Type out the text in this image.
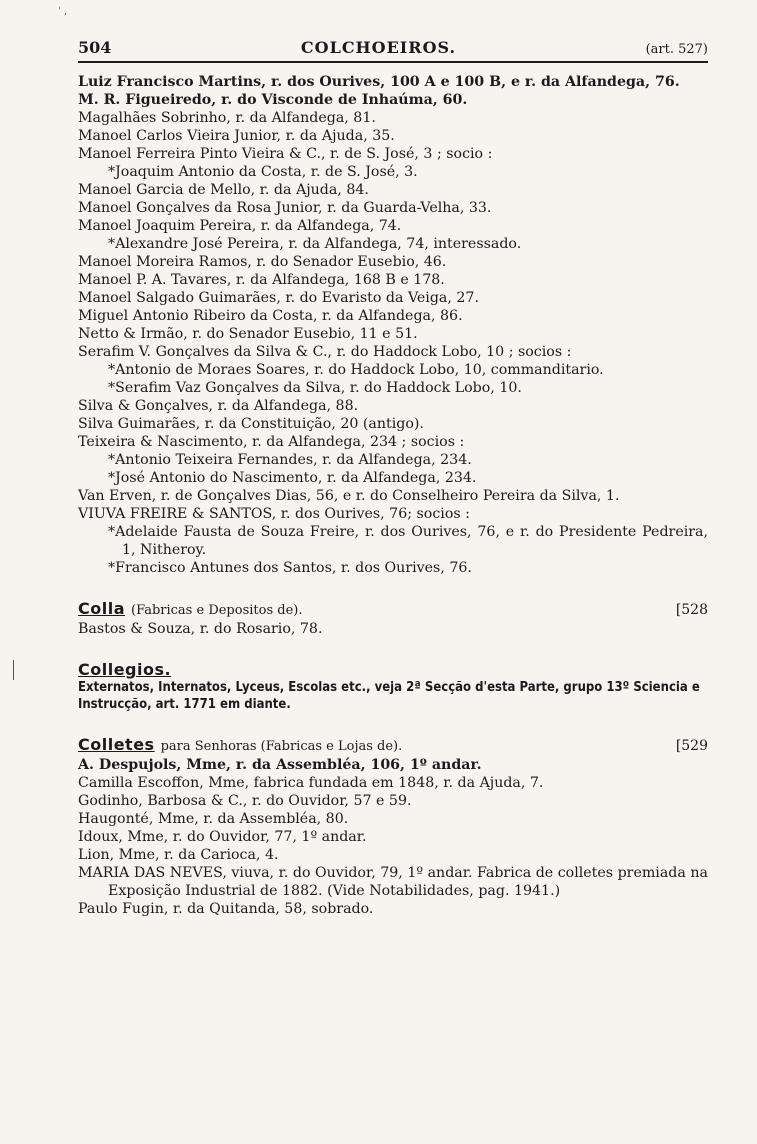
' ,
504	COLCHOEIROS.	(art. 527)
Luiz Francisco Martins, r. dos Ourives, 100 A e 100 B, e r. da Alfandega, 76.
M. R. Figueiredo, r. do Visconde de Inhaúma, 60.
Magalhães Sobrinho, r. da Alfandega, 81.
Manoel Carlos Vieira Junior, r. da Ajuda, 35.
Manoel Ferreira Pinto Vieira & C., r. de S. José, 3 ; socio :
*Joaquim Antonio da Costa, r. de S. José, 3.
Manoel Garcia de Mello, r. da Ajuda, 84.
Manoel Gonçalves da Rosa Junior, r. da Guarda-Velha, 33.
Manoel Joaquim Pereira, r. da Alfandega, 74.
*Alexandre José Pereira, r. da Alfandega, 74, interessado.
Manoel Moreira Ramos, r. do Senador Eusebio, 46.
Manoel P. A. Tavares, r. da Alfandega, 168 B e 178.
Manoel Salgado Guimarães, r. do Evaristo da Veiga, 27.
Miguel Antonio Ribeiro da Costa, r. da Alfandega, 86.
Netto & Irmão, r. do Senador Eusebio, 11 e 51.
Serafim V. Gonçalves da Silva & C., r. do Haddock Lobo, 10 ; socios :
*Antonio de Moraes Soares, r. do Haddock Lobo, 10, commanditario.
*Serafim Vaz Gonçalves da Silva, r. do Haddock Lobo, 10.
Silva & Gonçalves, r. da Alfandega, 88.
Silva Guimarães, r. da Constituição, 20 (antigo).
Teixeira & Nascimento, r. da Alfandega, 234 ; socios :
*Antonio Teixeira Fernandes, r. da Alfandega, 234.
*José Antonio do Nascimento, r. da Alfandega, 234.
Van Erven, r. de Gonçalves Dias, 56, e r. do Conselheiro Pereira da Silva, 1.
VIUVA FREIRE & SANTOS, r. dos Ourives, 76; socios :
*Adelaide Fausta de Souza Freire, r. dos Ourives, 76, e r. do Presidente Pedreira, 1, Nitheroy.
*Francisco Antunes dos Santos, r. dos Ourives, 76.
Colla (Fabricas e Depositos de).	[528
Bastos & Souza, r. do Rosario, 78.
Collegios.
Externatos, Internatos, Lyceus, Escolas etc., veja 2ª Secção d'esta Parte, grupo 13º Sciencia e Instrucção, art. 1771 em diante.
Colletes para Senhoras (Fabricas e Lojas de).	[529
A. Despujols, Mme, r. da Assembléa, 106, 1º andar.
Camilla Escoffon, Mme, fabrica fundada em 1848, r. da Ajuda, 7.
Godinho, Barbosa & C., r. do Ouvidor, 57 e 59.
Haugonté, Mme, r. da Assembléa, 80.
Idoux, Mme, r. do Ouvidor, 77, 1º andar.
Lion, Mme, r. da Carioca, 4.
MARIA DAS NEVES, viuva, r. do Ouvidor, 79, 1º andar. Fabrica de colletes premiada na Exposição Industrial de 1882. (Vide Notabilidades, pag. 1941.)
Paulo Fugin, r. da Quitanda, 58, sobrado.
